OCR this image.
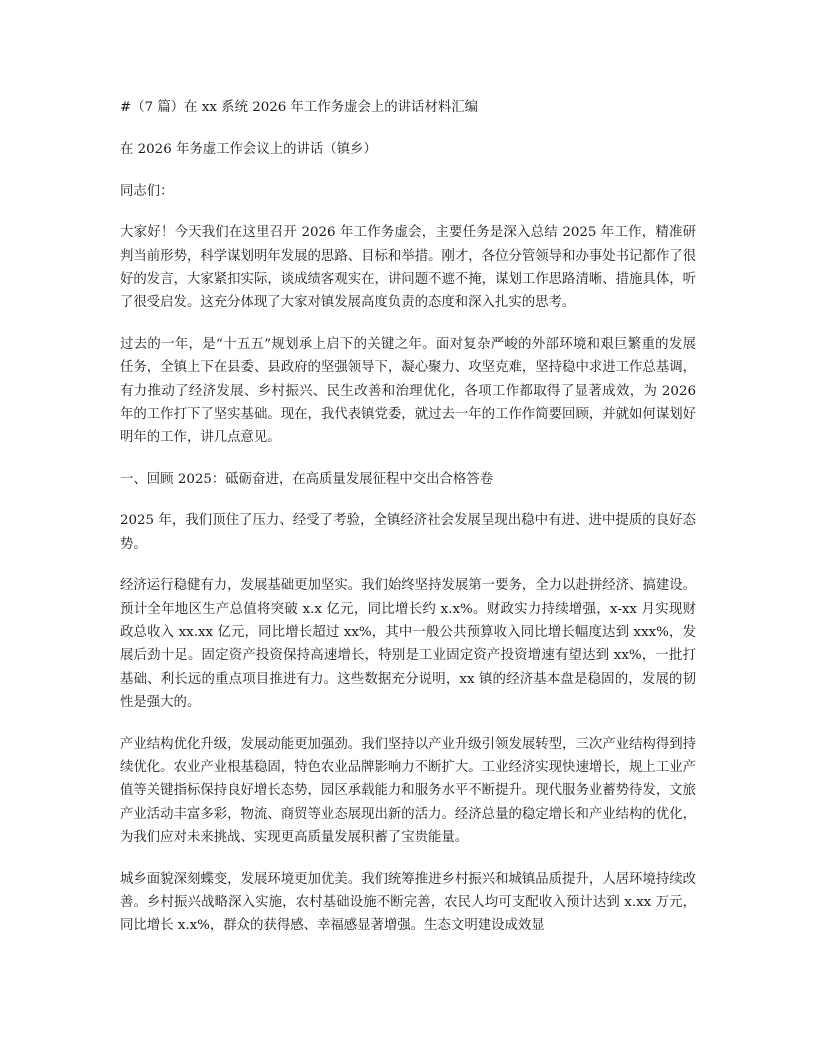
#（7 篇）在 xx 系统 2026 年工作务虚会上的讲话材料汇编

在 2026 年务虚工作会议上的讲话（镇乡）

同志们：

大家好！今天我们在这里召开 2026 年工作务虚会，主要任务是深入总结 2025 年工作，精准研判当前形势，科学谋划明年发展的思路、目标和举措。刚才，各位分管领导和办事处书记都作了很好的发言，大家紧扣实际，谈成绩客观实在，讲问题不遮不掩，谋划工作思路清晰、措施具体，听了很受启发。这充分体现了大家对镇发展高度负责的态度和深入扎实的思考。

过去的一年，是“十五五”规划承上启下的关键之年。面对复杂严峻的外部环境和艰巨繁重的发展任务，全镇上下在县委、县政府的坚强领导下，凝心聚力、攻坚克难，坚持稳中求进工作总基调，有力推动了经济发展、乡村振兴、民生改善和治理优化，各项工作都取得了显著成效，为 2026 年的工作打下了坚实基础。现在，我代表镇党委，就过去一年的工作作简要回顾，并就如何谋划好明年的工作，讲几点意见。

一、回顾 2025：砥砺奋进，在高质量发展征程中交出合格答卷

2025 年，我们顶住了压力、经受了考验，全镇经济社会发展呈现出稳中有进、进中提质的良好态势。

经济运行稳健有力，发展基础更加坚实。我们始终坚持发展第一要务，全力以赴拼经济、搞建设。预计全年地区生产总值将突破 x.x 亿元，同比增长约 x.x%。财政实力持续增强，x-xx 月实现财政总收入 xx.xx 亿元，同比增长超过 xx%，其中一般公共预算收入同比增长幅度达到 xxx%，发展后劲十足。固定资产投资保持高速增长，特别是工业固定资产投资增速有望达到 xx%，一批打基础、利长远的重点项目推进有力。这些数据充分说明，xx 镇的经济基本盘是稳固的，发展的韧性是强大的。

产业结构优化升级，发展动能更加强劲。我们坚持以产业升级引领发展转型，三次产业结构得到持续优化。农业产业根基稳固，特色农业品牌影响力不断扩大。工业经济实现快速增长，规上工业产值等关键指标保持良好增长态势，园区承载能力和服务水平不断提升。现代服务业蓄势待发，文旅产业活动丰富多彩，物流、商贸等业态展现出新的活力。经济总量的稳定增长和产业结构的优化，为我们应对未来挑战、实现更高质量发展积蓄了宝贵能量。

城乡面貌深刻蝶变，发展环境更加优美。我们统筹推进乡村振兴和城镇品质提升，人居环境持续改善。乡村振兴战略深入实施，农村基础设施不断完善，农民人均可支配收入预计达到 x.xx 万元，同比增长 x.x%，群众的获得感、幸福感显著增强。生态文明建设成效显
